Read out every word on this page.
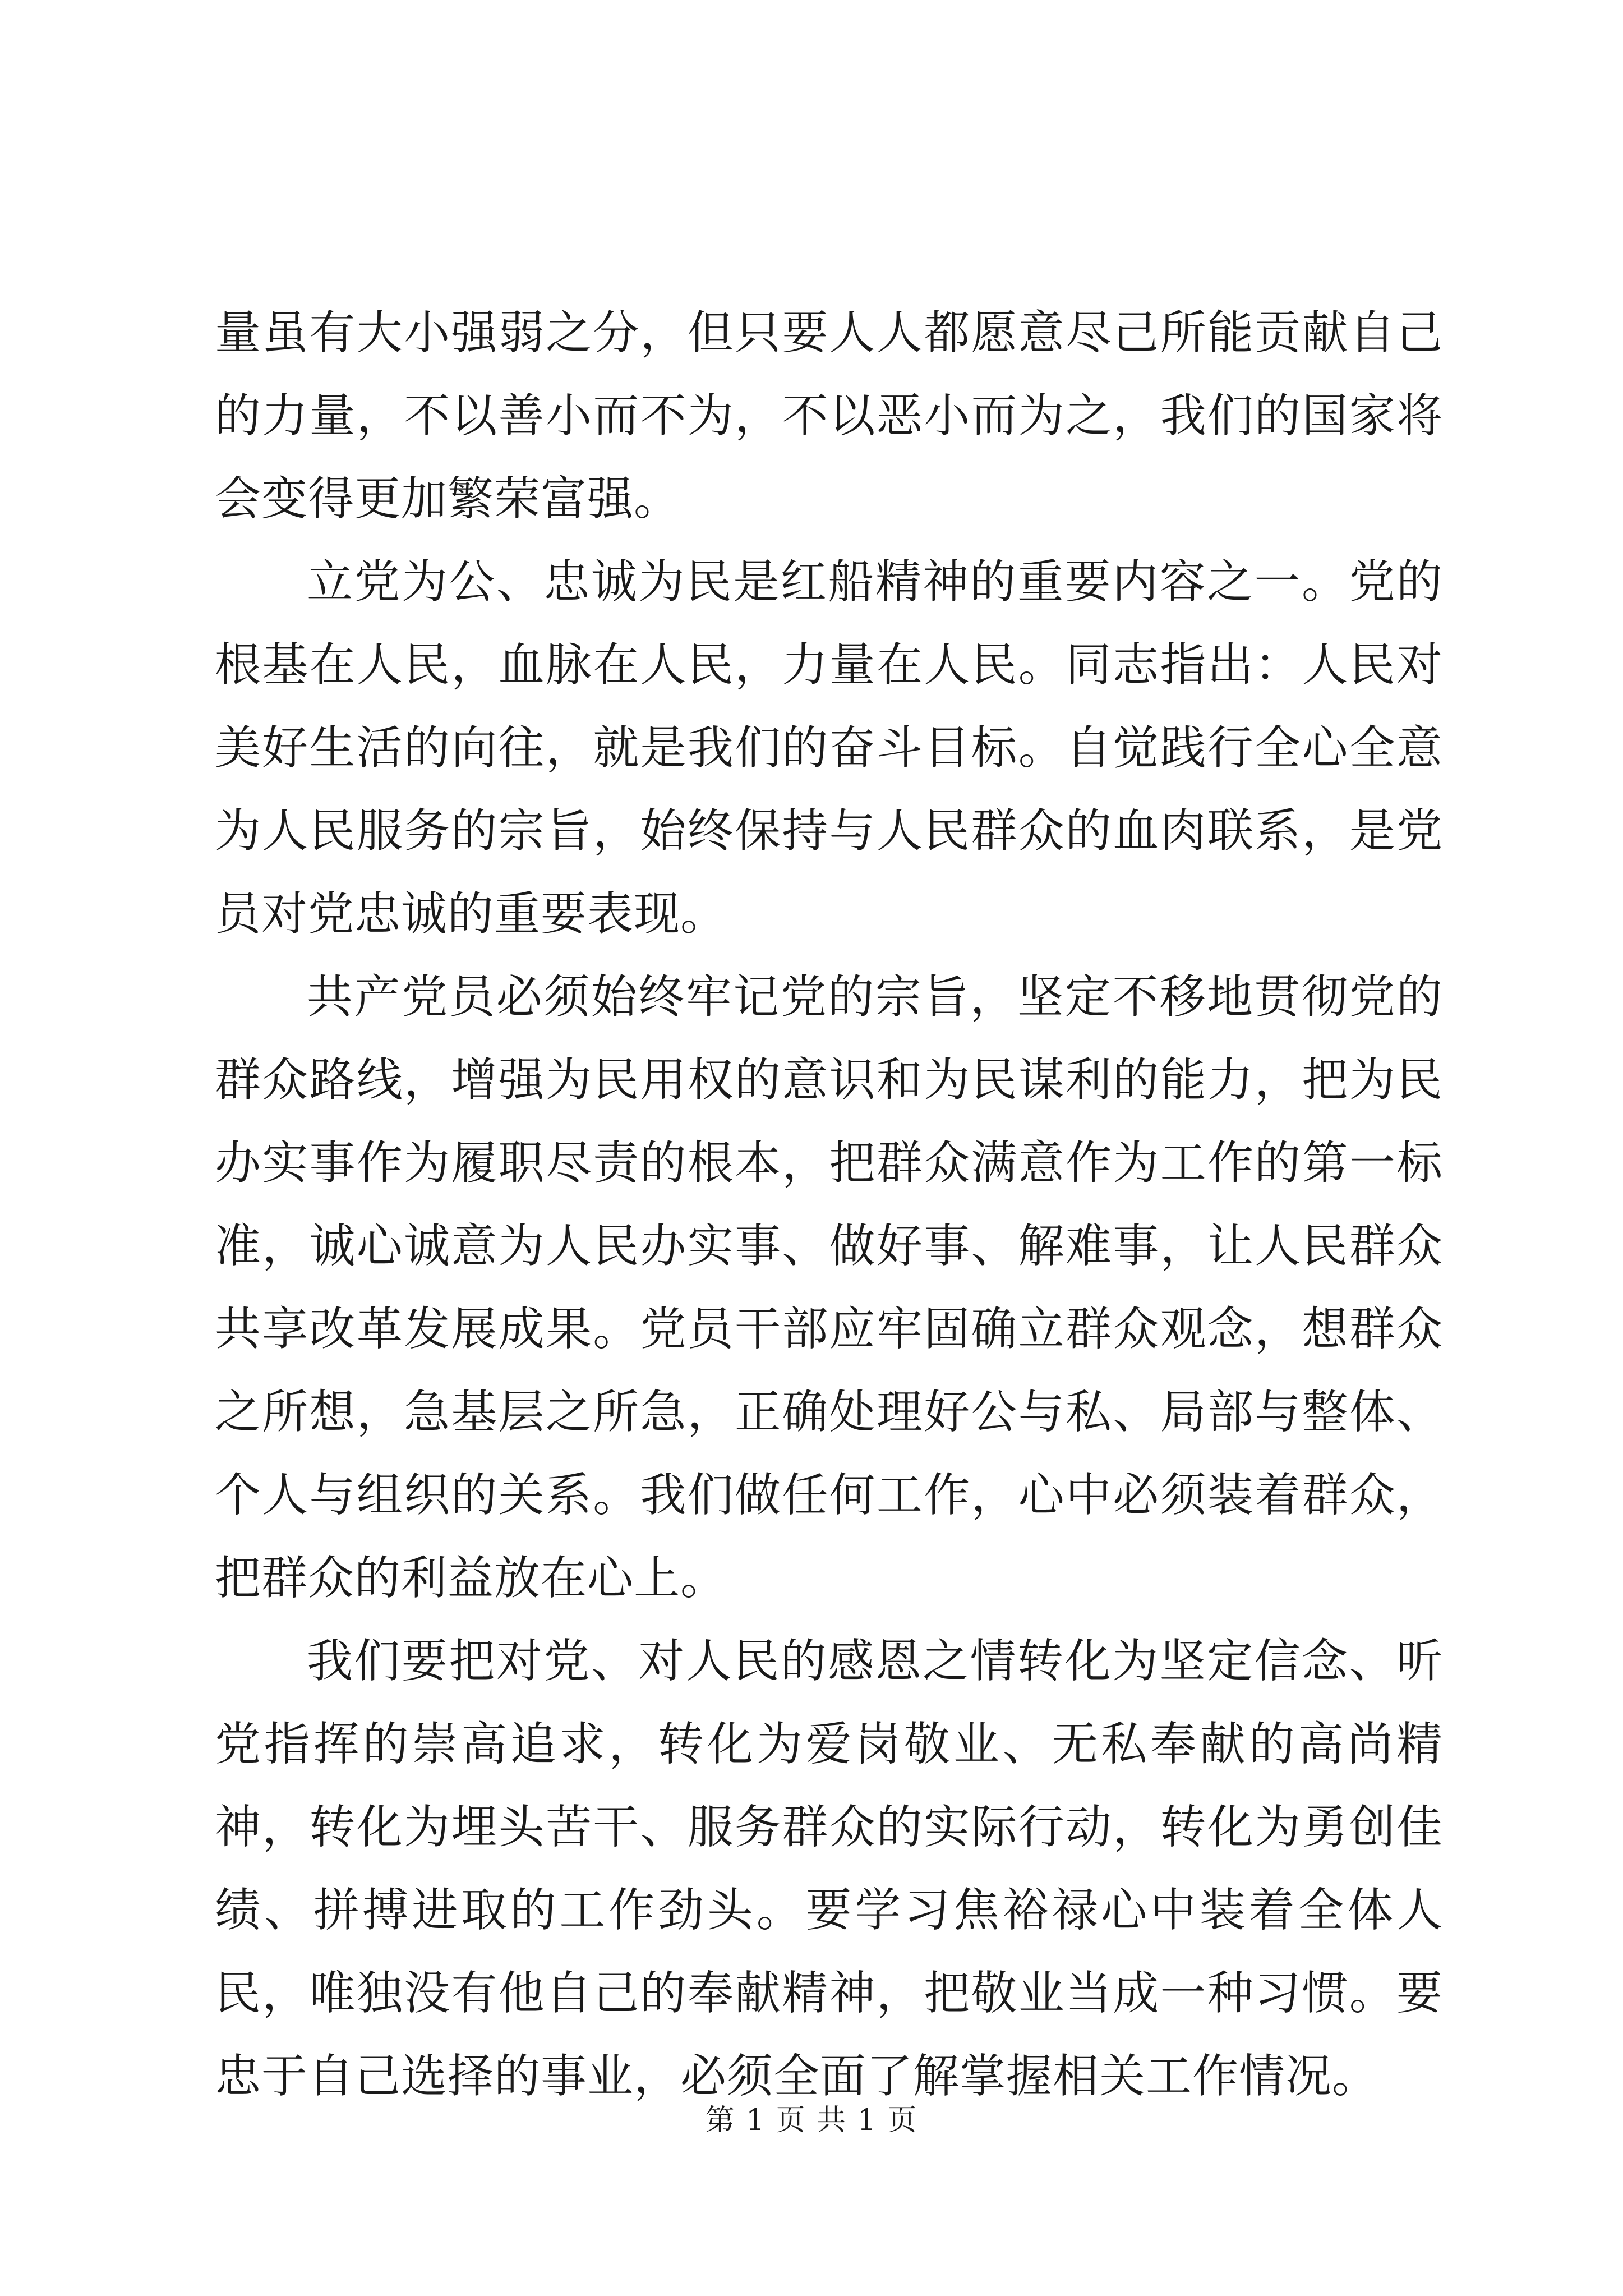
量虽有大小强弱之分，但只要人人都愿意尽己所能贡献自己的力量，不以善小而不为，不以恶小而为之，我们的国家将会变得更加繁荣富强。

立党为公、忠诚为民是红船精神的重要内容之一。党的根基在人民，血脉在人民，力量在人民。同志指出：人民对美好生活的向往，就是我们的奋斗目标。自觉践行全心全意为人民服务的宗旨，始终保持与人民群众的血肉联系，是党员对党忠诚的重要表现。

共产党员必须始终牢记党的宗旨，坚定不移地贯彻党的群众路线，增强为民用权的意识和为民谋利的能力，把为民办实事作为履职尽责的根本，把群众满意作为工作的第一标准，诚心诚意为人民办实事、做好事、解难事，让人民群众共享改革发展成果。党员干部应牢固确立群众观念，想群众之所想，急基层之所急，正确处理好公与私、局部与整体、个人与组织的关系。我们做任何工作，心中必须装着群众，把群众的利益放在心上。

我们要把对党、对人民的感恩之情转化为坚定信念、听党指挥的崇高追求，转化为爱岗敬业、无私奉献的高尚精神，转化为埋头苦干、服务群众的实际行动，转化为勇创佳绩、拼搏进取的工作劲头。要学习焦裕禄心中装着全体人民，唯独没有他自己的奉献精神，把敬业当成一种习惯。要忠于自己选择的事业，必须全面了解掌握相关工作情况。

第 1 页 共 1 页
